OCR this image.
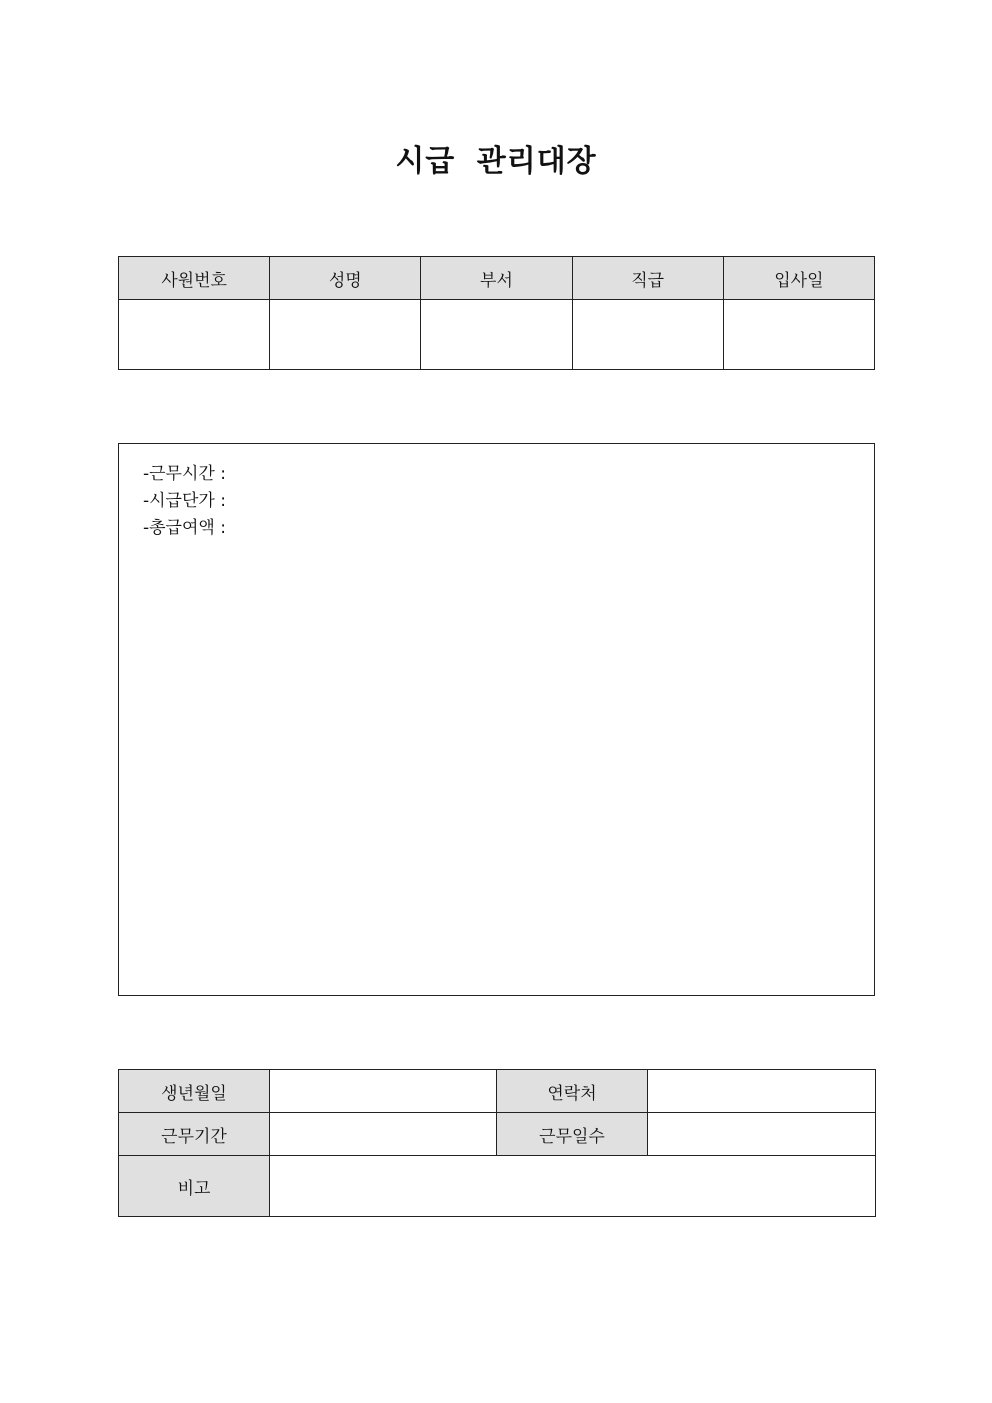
시급 관리대장
사원번호	성명	부서	직급	입사일

-근무시간 :
-시급단가 :
-총급여액 :
생년월일		연락처	
근무기간		근무일수	
비고			
